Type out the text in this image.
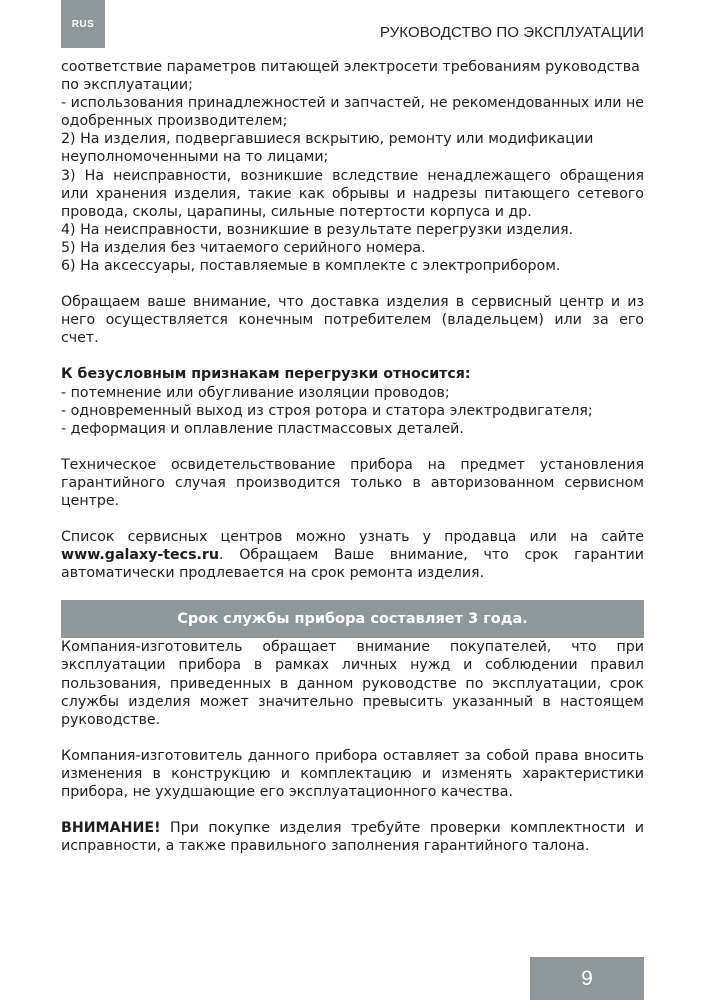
RUS	РУКОВОДСТВО ПО ЭКСПЛУАТАЦИИ

соответствие параметров питающей электросети требованиям руководства по эксплуатации;

- использования принадлежностей и запчастей, не рекомендованных или не одобренных производителем;

2) На изделия, подвергавшиеся вскрытию, ремонту или модификации неуполномоченными на то лицами;

3) На неисправности, возникшие вследствие ненадлежащего обращения или хранения изделия, такие как обрывы и надрезы питающего сетевого провода, сколы, царапины, сильные потертости корпуса и др.

4) На неисправности, возникшие в результате перегрузки изделия.

5) На изделия без читаемого серийного номера.

6) На аксессуары, поставляемые в комплекте с электроприбором.

Обращаем ваше внимание, что доставка изделия в сервисный центр и из него осуществляется конечным потребителем (владельцем) или за его счет.

К безусловным признакам перегрузки относится:

- потемнение или обугливание изоляции проводов;

- одновременный выход из строя ротора и статора электродвигателя;

- деформация и оплавление пластмассовых деталей.

Техническое освидетельствование прибора на предмет установления гарантийного случая производится только в авторизованном сервисном центре.

Список сервисных центров можно узнать у продавца или на сайте www.galaxy-tecs.ru. Обращаем Ваше внимание, что срок гарантии автоматически продлевается на срок ремонта изделия.

Срок службы прибора составляет 3 года.

Компания-изготовитель обращает внимание покупателей, что при эксплуатации прибора в рамках личных нужд и соблюдении правил пользования, приведенных в данном руководстве по эксплуатации, срок службы изделия может значительно превысить указанный в настоящем руководстве.

Компания-изготовитель данного прибора оставляет за собой права вносить изменения в конструкцию и комплектацию и изменять характеристики прибора, не ухудшающие его эксплуатационного качества.

ВНИМАНИЕ! При покупке изделия требуйте проверки комплектности и исправности, а также правильного заполнения гарантийного талона.

9
